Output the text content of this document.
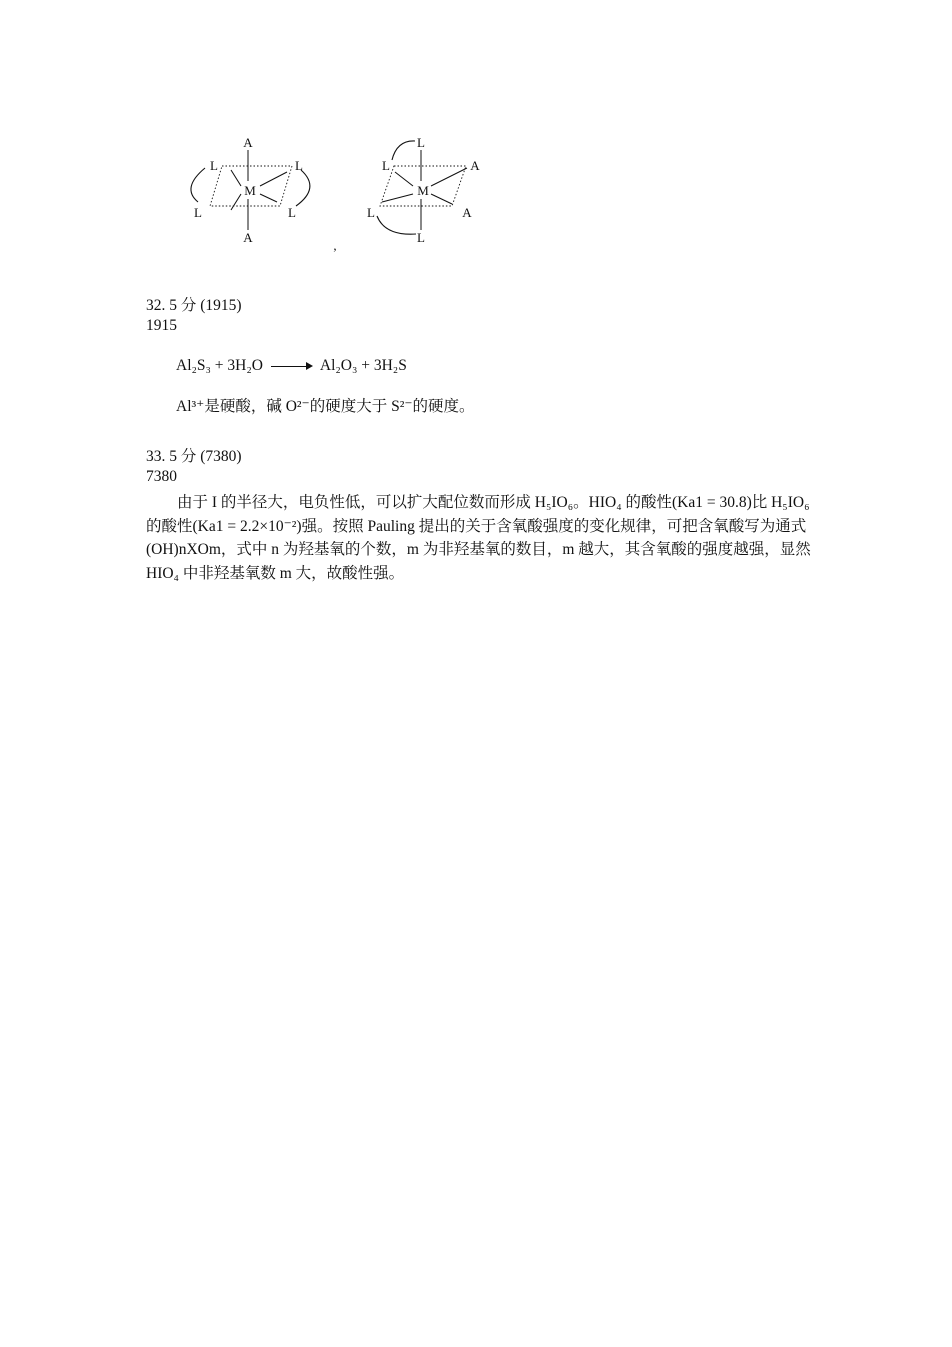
A
M
L	L
L	L
A
,
L
M
L	A
L	A
L
32. 5 分 (1915)
1915
Al₂S₃ + 3H₂O	Al₂O₃ + 3H₂S
Al³⁺是硬酸，碱 O²⁻的硬度大于 S²⁻的硬度。
33. 5 分 (7380)
7380
由于 I 的半径大，电负性低，可以扩大配位数而形成 H₅IO₆。HIO₄ 的酸性(Ka1 = 30.8)比 H₅IO₆ 的酸性(Ka1 = 2.2×10⁻²)强。按照 Pauling 提出的关于含氧酸强度的变化规律，可把含氧酸写为通式(OH)nXOm，式中 n 为羟基氧的个数，m 为非羟基氧的数目，m 越大，其含氧酸的强度越强，显然 HIO₄ 中非羟基氧数 m 大，故酸性强。
